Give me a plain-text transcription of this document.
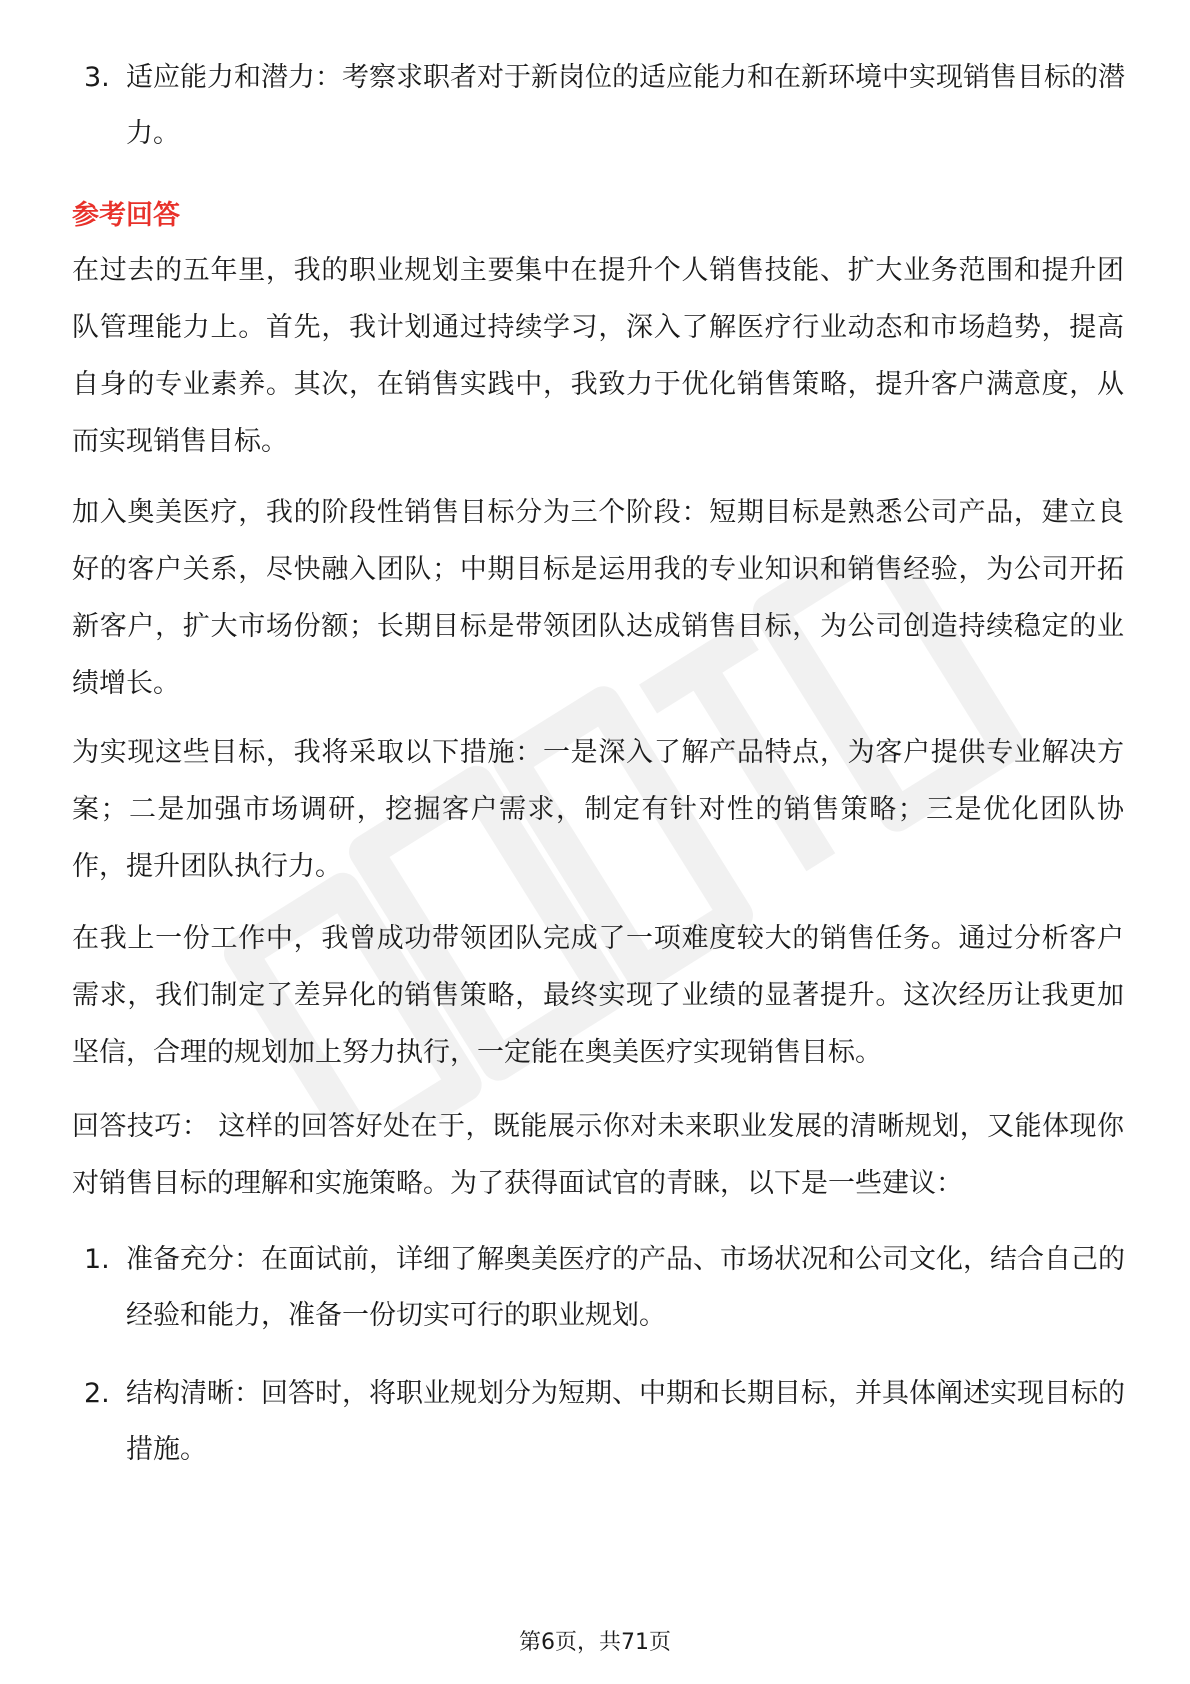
3. 适应能力和潜力：考察求职者对于新岗位的适应能力和在新环境中实现销售目标的潜力。
参考回答
在过去的五年里，我的职业规划主要集中在提升个人销售技能、扩大业务范围和提升团队管理能力上。首先，我计划通过持续学习，深入了解医疗行业动态和市场趋势，提高自身的专业素养。其次，在销售实践中，我致力于优化销售策略，提升客户满意度，从而实现销售目标。
加入奥美医疗，我的阶段性销售目标分为三个阶段：短期目标是熟悉公司产品，建立良好的客户关系，尽快融入团队；中期目标是运用我的专业知识和销售经验，为公司开拓新客户，扩大市场份额；长期目标是带领团队达成销售目标，为公司创造持续稳定的业绩增长。
为实现这些目标，我将采取以下措施：一是深入了解产品特点，为客户提供专业解决方案；二是加强市场调研，挖掘客户需求，制定有针对性的销售策略；三是优化团队协作，提升团队执行力。
在我上一份工作中，我曾成功带领团队完成了一项难度较大的销售任务。通过分析客户需求，我们制定了差异化的销售策略，最终实现了业绩的显著提升。这次经历让我更加坚信，合理的规划加上努力执行，一定能在奥美医疗实现销售目标。
回答技巧： 这样的回答好处在于，既能展示你对未来职业发展的清晰规划，又能体现你对销售目标的理解和实施策略。为了获得面试官的青睐，以下是一些建议：
1. 准备充分：在面试前，详细了解奥美医疗的产品、市场状况和公司文化，结合自己的经验和能力，准备一份切实可行的职业规划。
2. 结构清晰：回答时，将职业规划分为短期、中期和长期目标，并具体阐述实现目标的措施。
第6页，共71页
